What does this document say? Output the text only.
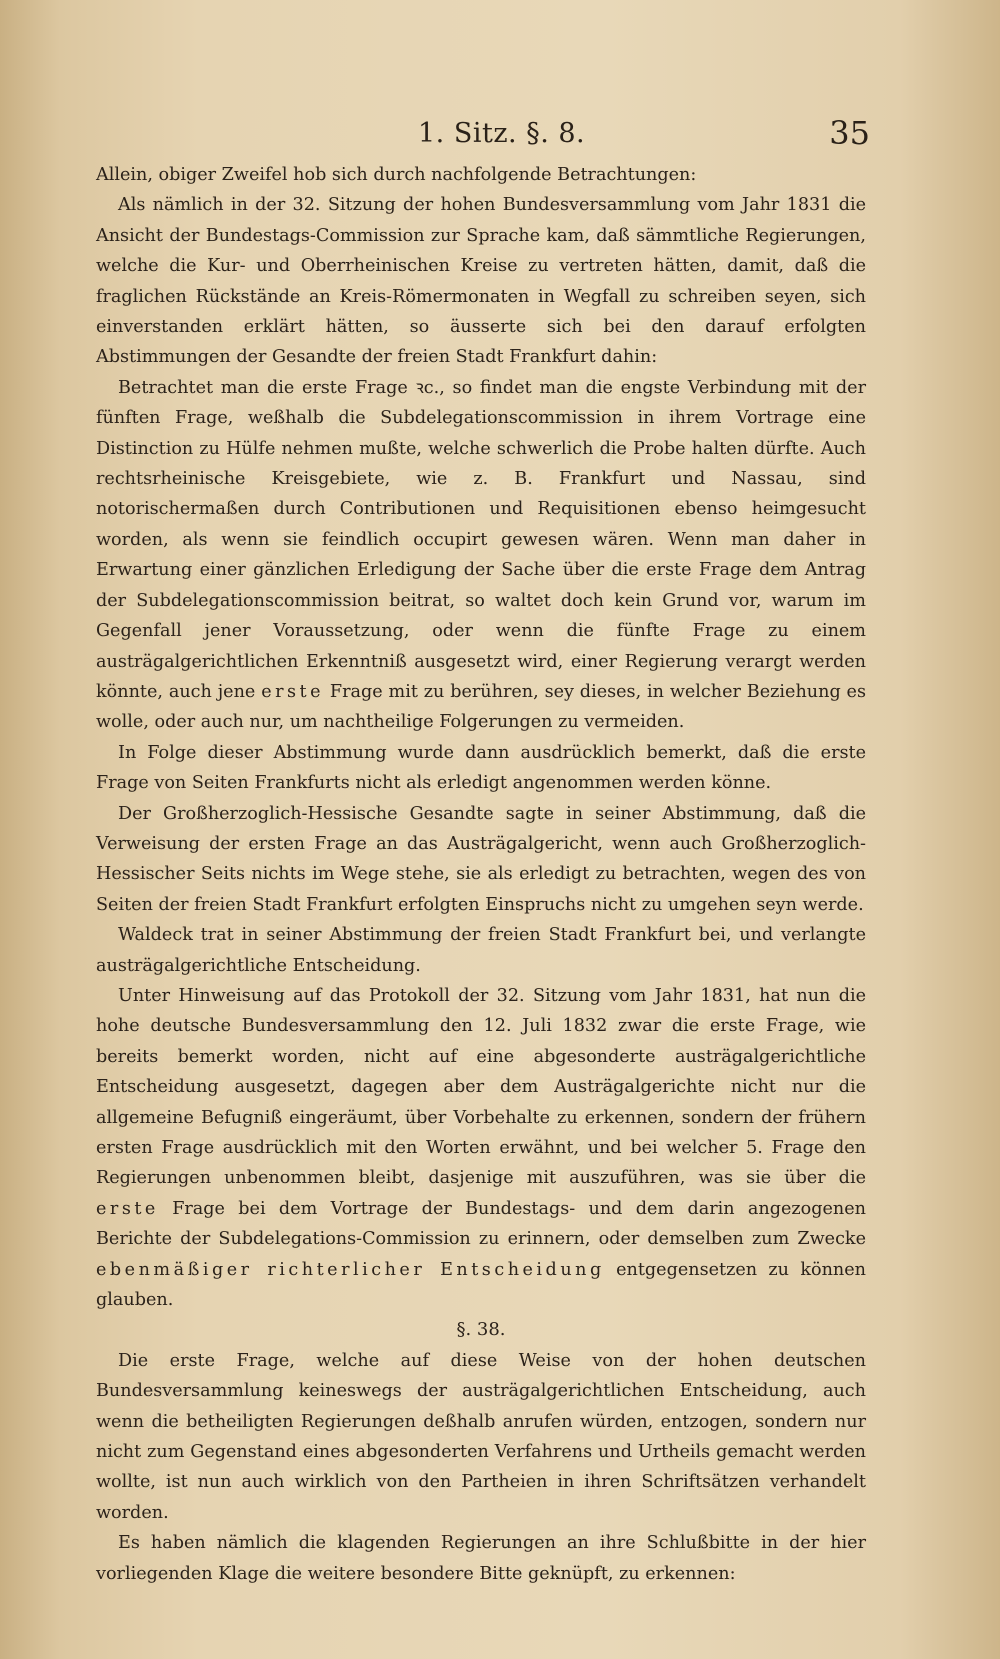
1. Sitz. §. 8.	35

Allein, obiger Zweifel hob sich durch nachfolgende Betrachtungen:

Als nämlich in der 32. Sitzung der hohen Bundesversammlung vom Jahr 1831 die Ansicht der Bundestags-Commission zur Sprache kam, daß sämmtliche Regierungen, welche die Kur- und Oberrheinischen Kreise zu vertreten hätten, damit, daß die fraglichen Rückstände an Kreis-Römermonaten in Wegfall zu schreiben seyen, sich einverstanden erklärt hätten, so äusserte sich bei den darauf erfolgten Abstimmungen der Gesandte der freien Stadt Frankfurt dahin:

Betrachtet man die erste Frage ꝛc., so findet man die engste Verbindung mit der fünften Frage, weßhalb die Subdelegationscommission in ihrem Vortrage eine Distinction zu Hülfe nehmen mußte, welche schwerlich die Probe halten dürfte. Auch rechtsrheinische Kreisgebiete, wie z. B. Frankfurt und Nassau, sind notorischermaßen durch Contributionen und Requisitionen ebenso heimgesucht worden, als wenn sie feindlich occupirt gewesen wären. Wenn man daher in Erwartung einer gänzlichen Erledigung der Sache über die erste Frage dem Antrag der Subdelegationscommission beitrat, so waltet doch kein Grund vor, warum im Gegenfall jener Voraussetzung, oder wenn die fünfte Frage zu einem austrägalgerichtlichen Erkenntniß ausgesetzt wird, einer Regierung verargt werden könnte, auch jene erste Frage mit zu berühren, sey dieses, in welcher Beziehung es wolle, oder auch nur, um nachtheilige Folgerungen zu vermeiden.

In Folge dieser Abstimmung wurde dann ausdrücklich bemerkt, daß die erste Frage von Seiten Frankfurts nicht als erledigt angenommen werden könne.

Der Großherzoglich-Hessische Gesandte sagte in seiner Abstimmung, daß die Verweisung der ersten Frage an das Austrägalgericht, wenn auch Großherzoglich-Hessischer Seits nichts im Wege stehe, sie als erledigt zu betrachten, wegen des von Seiten der freien Stadt Frankfurt erfolgten Einspruchs nicht zu umgehen seyn werde.

Waldeck trat in seiner Abstimmung der freien Stadt Frankfurt bei, und verlangte austrägalgerichtliche Entscheidung.

Unter Hinweisung auf das Protokoll der 32. Sitzung vom Jahr 1831, hat nun die hohe deutsche Bundesversammlung den 12. Juli 1832 zwar die erste Frage, wie bereits bemerkt worden, nicht auf eine abgesonderte austrägalgerichtliche Entscheidung ausgesetzt, dagegen aber dem Austrägalgerichte nicht nur die allgemeine Befugniß eingeräumt, über Vorbehalte zu erkennen, sondern der frühern ersten Frage ausdrücklich mit den Worten erwähnt, und bei welcher 5. Frage den Regierungen unbenommen bleibt, dasjenige mit auszuführen, was sie über die erste Frage bei dem Vortrage der Bundestags- und dem darin angezogenen Berichte der Subdelegations-Commission zu erinnern, oder demselben zum Zwecke ebenmäßiger richterlicher Entscheidung entgegensetzen zu können glauben.

§. 38.

Die erste Frage, welche auf diese Weise von der hohen deutschen Bundesversammlung keineswegs der austrägalgerichtlichen Entscheidung, auch wenn die betheiligten Regierungen deßhalb anrufen würden, entzogen, sondern nur nicht zum Gegenstand eines abgesonderten Verfahrens und Urtheils gemacht werden wollte, ist nun auch wirklich von den Partheien in ihren Schriftsätzen verhandelt worden.

Es haben nämlich die klagenden Regierungen an ihre Schlußbitte in der hier vorliegenden Klage die weitere besondere Bitte geknüpft, zu erkennen:
